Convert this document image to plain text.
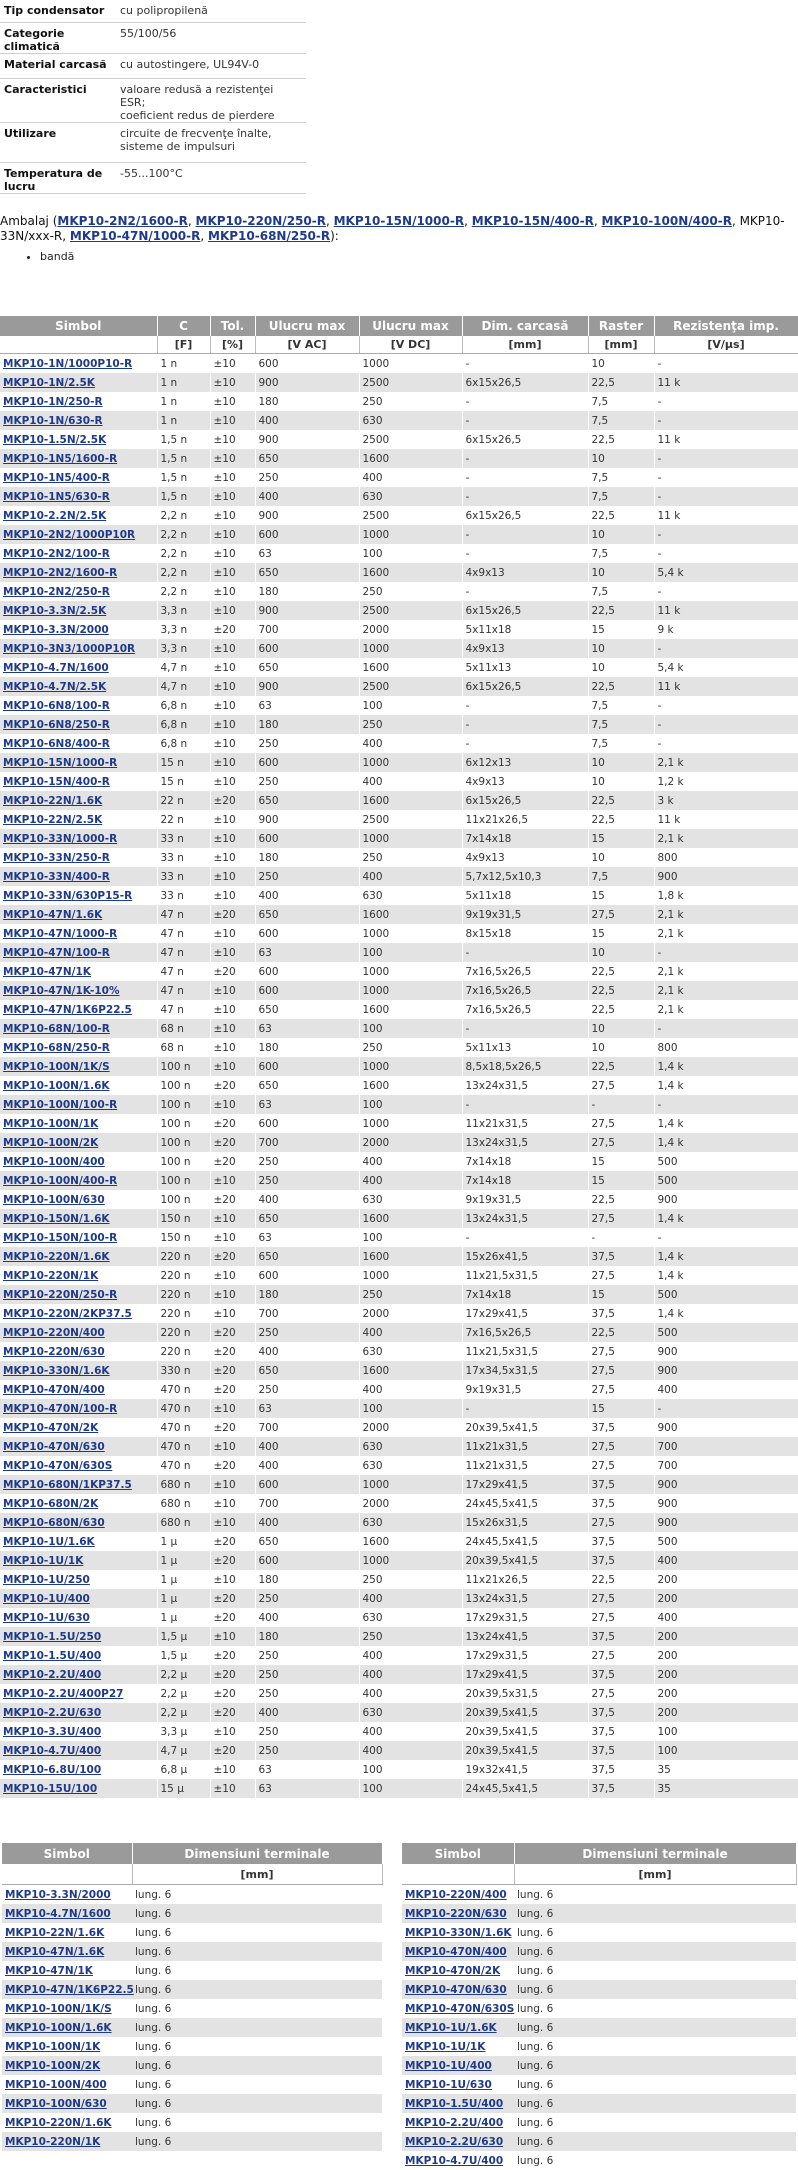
Tip condensator	cu polipropilenă
Categorie climatică	55/100/56
Material carcasă	cu autostingere, UL94V-0
Caracteristici	valoare redusă a rezistenţei ESR;
coeficient redus de pierdere
Utilizare	circuite de frecvenţe înalte,
sisteme de impulsuri
Temperatura de lucru	-55...100°C
Ambalaj (MKP10-2N2/1600-R, MKP10-220N/250-R, MKP10-15N/1000-R, MKP10-15N/400-R, MKP10-100N/400-R, MKP10-33N/xxx-R, MKP10-47N/1000-R, MKP10-68N/250-R):
• bandă
Simbol	C	Tol.	Ulucru max	Ulucru max	Dim. carcasă	Raster	Rezistenţa imp.
	[F]	[%]	[V AC]	[V DC]	[mm]	[mm]	[V/µs]
MKP10-1N/1000P10-R	1 n	±10	600	1000	-	10	-
MKP10-1N/2.5K	1 n	±10	900	2500	6x15x26,5	22,5	11 k
MKP10-1N/250-R	1 n	±10	180	250	-	7,5	-
MKP10-1N/630-R	1 n	±10	400	630	-	7,5	-
MKP10-1.5N/2.5K	1,5 n	±10	900	2500	6x15x26,5	22,5	11 k
MKP10-1N5/1600-R	1,5 n	±10	650	1600	-	10	-
MKP10-1N5/400-R	1,5 n	±10	250	400	-	7,5	-
MKP10-1N5/630-R	1,5 n	±10	400	630	-	7,5	-
MKP10-2.2N/2.5K	2,2 n	±10	900	2500	6x15x26,5	22,5	11 k
MKP10-2N2/1000P10R	2,2 n	±10	600	1000	-	10	-
MKP10-2N2/100-R	2,2 n	±10	63	100	-	7,5	-
MKP10-2N2/1600-R	2,2 n	±10	650	1600	4x9x13	10	5,4 k
MKP10-2N2/250-R	2,2 n	±10	180	250	-	7,5	-
MKP10-3.3N/2.5K	3,3 n	±10	900	2500	6x15x26,5	22,5	11 k
MKP10-3.3N/2000	3,3 n	±20	700	2000	5x11x18	15	9 k
MKP10-3N3/1000P10R	3,3 n	±10	600	1000	4x9x13	10	-
MKP10-4.7N/1600	4,7 n	±10	650	1600	5x11x13	10	5,4 k
MKP10-4.7N/2.5K	4,7 n	±10	900	2500	6x15x26,5	22,5	11 k
MKP10-6N8/100-R	6,8 n	±10	63	100	-	7,5	-
MKP10-6N8/250-R	6,8 n	±10	180	250	-	7,5	-
MKP10-6N8/400-R	6,8 n	±10	250	400	-	7,5	-
MKP10-15N/1000-R	15 n	±10	600	1000	6x12x13	10	2,1 k
MKP10-15N/400-R	15 n	±10	250	400	4x9x13	10	1,2 k
MKP10-22N/1.6K	22 n	±20	650	1600	6x15x26,5	22,5	3 k
MKP10-22N/2.5K	22 n	±10	900	2500	11x21x26,5	22,5	11 k
MKP10-33N/1000-R	33 n	±10	600	1000	7x14x18	15	2,1 k
MKP10-33N/250-R	33 n	±10	180	250	4x9x13	10	800
MKP10-33N/400-R	33 n	±10	250	400	5,7x12,5x10,3	7,5	900
MKP10-33N/630P15-R	33 n	±10	400	630	5x11x18	15	1,8 k
MKP10-47N/1.6K	47 n	±20	650	1600	9x19x31,5	27,5	2,1 k
MKP10-47N/1000-R	47 n	±10	600	1000	8x15x18	15	2,1 k
MKP10-47N/100-R	47 n	±10	63	100	-	10	-
MKP10-47N/1K	47 n	±20	600	1000	7x16,5x26,5	22,5	2,1 k
MKP10-47N/1K-10%	47 n	±10	600	1000	7x16,5x26,5	22,5	2,1 k
MKP10-47N/1K6P22.5	47 n	±10	650	1600	7x16,5x26,5	22,5	2,1 k
MKP10-68N/100-R	68 n	±10	63	100	-	10	-
MKP10-68N/250-R	68 n	±10	180	250	5x11x13	10	800
MKP10-100N/1K/S	100 n	±10	600	1000	8,5x18,5x26,5	22,5	1,4 k
MKP10-100N/1.6K	100 n	±20	650	1600	13x24x31,5	27,5	1,4 k
MKP10-100N/100-R	100 n	±10	63	100	-	-	-
MKP10-100N/1K	100 n	±20	600	1000	11x21x31,5	27,5	1,4 k
MKP10-100N/2K	100 n	±20	700	2000	13x24x31,5	27,5	1,4 k
MKP10-100N/400	100 n	±20	250	400	7x14x18	15	500
MKP10-100N/400-R	100 n	±10	250	400	7x14x18	15	500
MKP10-100N/630	100 n	±20	400	630	9x19x31,5	22,5	900
MKP10-150N/1.6K	150 n	±10	650	1600	13x24x31,5	27,5	1,4 k
MKP10-150N/100-R	150 n	±10	63	100	-	-	-
MKP10-220N/1.6K	220 n	±20	650	1600	15x26x41,5	37,5	1,4 k
MKP10-220N/1K	220 n	±10	600	1000	11x21,5x31,5	27,5	1,4 k
MKP10-220N/250-R	220 n	±10	180	250	7x14x18	15	500
MKP10-220N/2KP37.5	220 n	±10	700	2000	17x29x41,5	37,5	1,4 k
MKP10-220N/400	220 n	±20	250	400	7x16,5x26,5	22,5	500
MKP10-220N/630	220 n	±20	400	630	11x21,5x31,5	27,5	900
MKP10-330N/1.6K	330 n	±20	650	1600	17x34,5x31,5	27,5	900
MKP10-470N/400	470 n	±20	250	400	9x19x31,5	27,5	400
MKP10-470N/100-R	470 n	±10	63	100	-	15	-
MKP10-470N/2K	470 n	±20	700	2000	20x39,5x41,5	37,5	900
MKP10-470N/630	470 n	±10	400	630	11x21x31,5	27,5	700
MKP10-470N/630S	470 n	±20	400	630	11x21x31,5	27,5	700
MKP10-680N/1KP37.5	680 n	±10	600	1000	17x29x41,5	37,5	900
MKP10-680N/2K	680 n	±10	700	2000	24x45,5x41,5	37,5	900
MKP10-680N/630	680 n	±10	400	630	15x26x31,5	27,5	900
MKP10-1U/1.6K	1 µ	±20	650	1600	24x45,5x41,5	37,5	500
MKP10-1U/1K	1 µ	±20	600	1000	20x39,5x41,5	37,5	400
MKP10-1U/250	1 µ	±10	180	250	11x21x26,5	22,5	200
MKP10-1U/400	1 µ	±20	250	400	13x24x31,5	27,5	200
MKP10-1U/630	1 µ	±20	400	630	17x29x31,5	27,5	400
MKP10-1.5U/250	1,5 µ	±10	180	250	13x24x41,5	37,5	200
MKP10-1.5U/400	1,5 µ	±20	250	400	17x29x31,5	27,5	200
MKP10-2.2U/400	2,2 µ	±20	250	400	17x29x41,5	37,5	200
MKP10-2.2U/400P27	2,2 µ	±20	250	400	20x39,5x31,5	27,5	200
MKP10-2.2U/630	2,2 µ	±20	400	630	20x39,5x41,5	37,5	200
MKP10-3.3U/400	3,3 µ	±10	250	400	20x39,5x41,5	37,5	100
MKP10-4.7U/400	4,7 µ	±20	250	400	20x39,5x41,5	37,5	100
MKP10-6.8U/100	6,8 µ	±10	63	100	19x32x41,5	37,5	35
MKP10-15U/100	15 µ	±10	63	100	24x45,5x41,5	37,5	35
Simbol	Dimensiuni terminale
	[mm]
MKP10-3.3N/2000	lung. 6
MKP10-4.7N/1600	lung. 6
MKP10-22N/1.6K	lung. 6
MKP10-47N/1.6K	lung. 6
MKP10-47N/1K	lung. 6
MKP10-47N/1K6P22.5	lung. 6
MKP10-100N/1K/S	lung. 6
MKP10-100N/1.6K	lung. 6
MKP10-100N/1K	lung. 6
MKP10-100N/2K	lung. 6
MKP10-100N/400	lung. 6
MKP10-100N/630	lung. 6
MKP10-220N/1.6K	lung. 6
MKP10-220N/1K	lung. 6
Simbol	Dimensiuni terminale
	[mm]
MKP10-220N/400	lung. 6
MKP10-220N/630	lung. 6
MKP10-330N/1.6K	lung. 6
MKP10-470N/400	lung. 6
MKP10-470N/2K	lung. 6
MKP10-470N/630	lung. 6
MKP10-470N/630S	lung. 6
MKP10-1U/1.6K	lung. 6
MKP10-1U/1K	lung. 6
MKP10-1U/400	lung. 6
MKP10-1U/630	lung. 6
MKP10-1.5U/400	lung. 6
MKP10-2.2U/400	lung. 6
MKP10-2.2U/630	lung. 6
MKP10-4.7U/400	lung. 6
